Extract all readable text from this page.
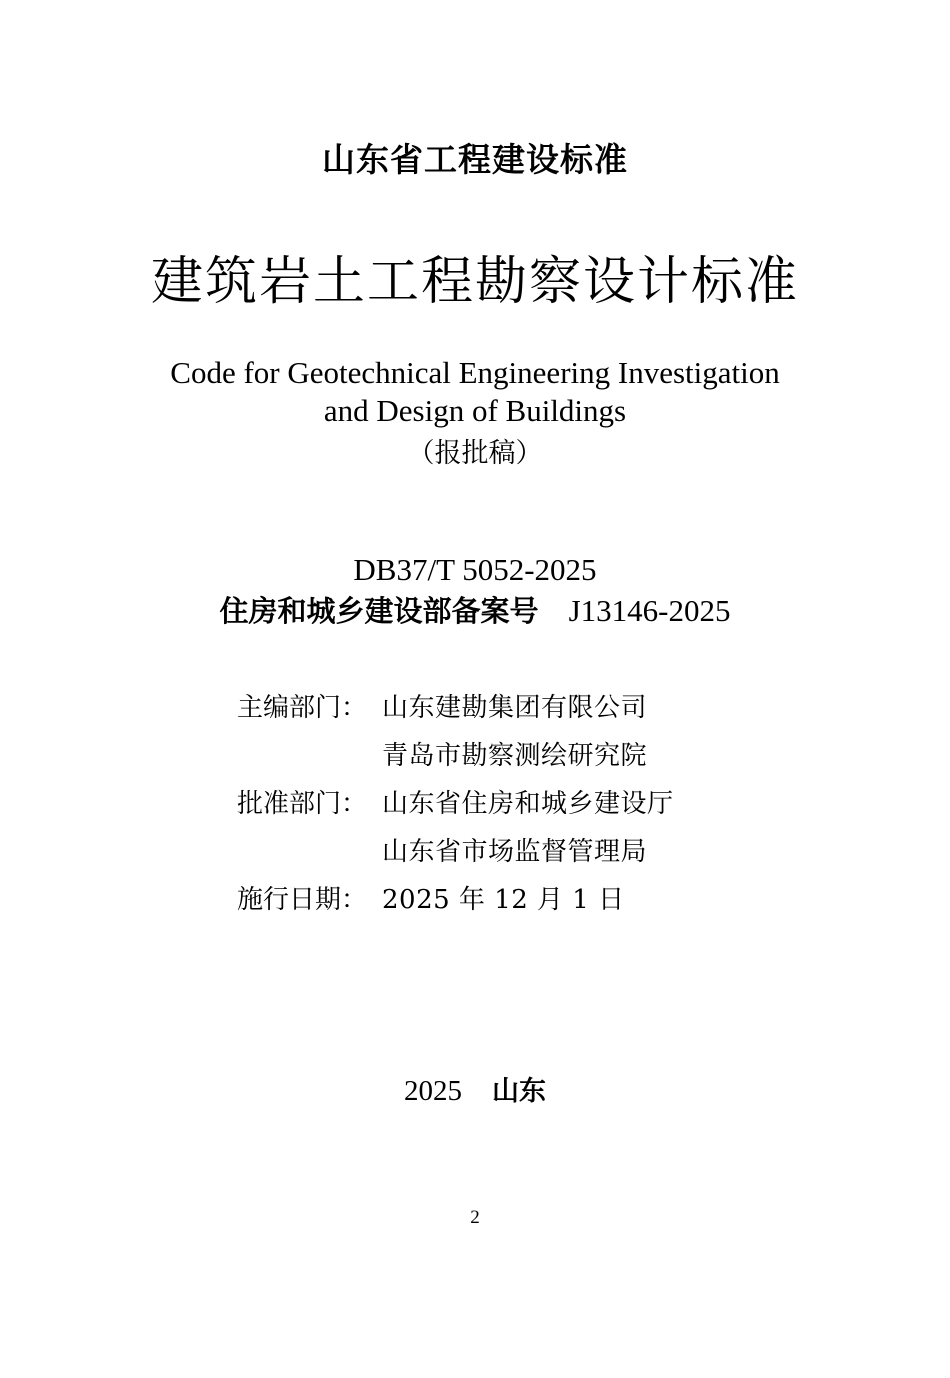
山东省工程建设标准
建筑岩土工程勘察设计标准
Code for Geotechnical Engineering Investigation
and Design of Buildings
（报批稿）
DB37/T 5052-2025
住房和城乡建设部备案号 J13146-2025
主编部门： 山东建勘集团有限公司
青岛市勘察测绘研究院
批准部门： 山东省住房和城乡建设厅
山东省市场监督管理局
施行日期： 2025 年 12 月 1 日
2025 山东
2
